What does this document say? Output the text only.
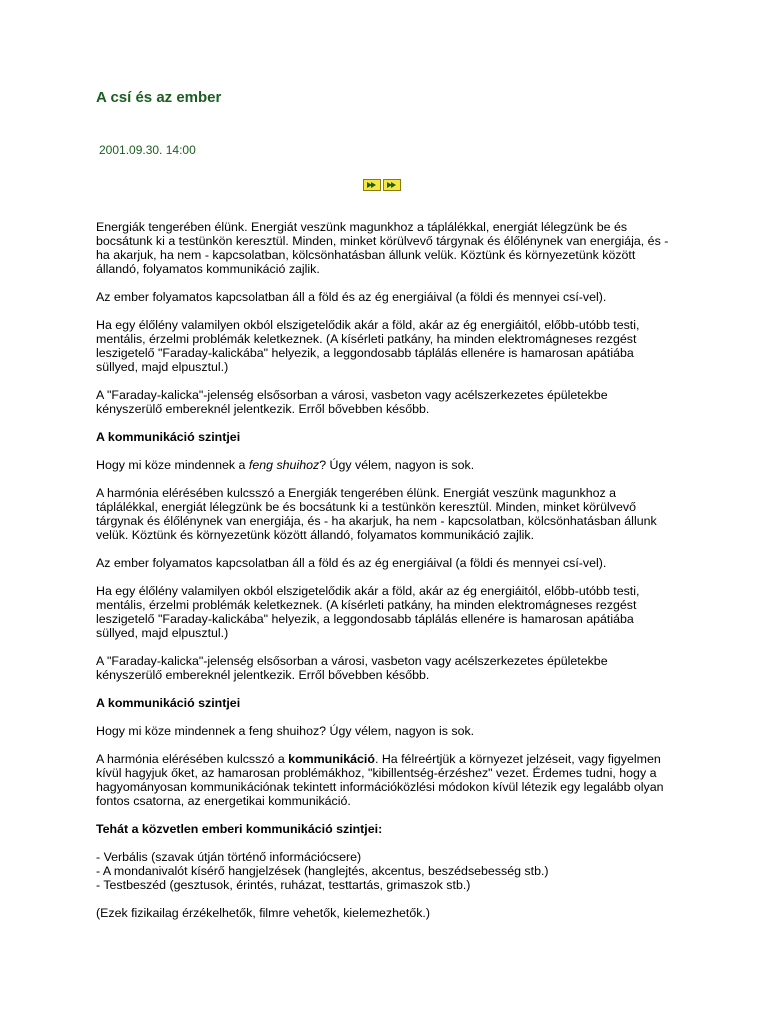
A csí és az ember
2001.09.30. 14:00

Energiák tengerében élünk. Energiát veszünk magunkhoz a táplálékkal, energiát lélegzünk be és bocsátunk ki a testünkön keresztül. Minden, minket körülvevő tárgynak és élőlénynek van energiája, és - ha akarjuk, ha nem - kapcsolatban, kölcsönhatásban állunk velük. Köztünk és környezetünk között állandó, folyamatos kommunikáció zajlik.

Az ember folyamatos kapcsolatban áll a föld és az ég energiáival (a földi és mennyei csí-vel).

Ha egy élőlény valamilyen okból elszigetelődik akár a föld, akár az ég energiáitól, előbb-utóbb testi, mentális, érzelmi problémák keletkeznek. (A kísérleti patkány, ha minden elektromágneses rezgést leszigetelő "Faraday-kalickába" helyezik, a leggondosabb táplálás ellenére is hamarosan apátiába süllyed, majd elpusztul.)

A "Faraday-kalicka"-jelenség elsősorban a városi, vasbeton vagy acélszerkezetes épületekbe kényszerülő embereknél jelentkezik. Erről bővebben később.

A kommunikáció szintjei

Hogy mi köze mindennek a feng shuihoz? Úgy vélem, nagyon is sok.

A harmónia elérésében kulcsszó a Energiák tengerében élünk. Energiát veszünk magunkhoz a táplálékkal, energiát lélegzünk be és bocsátunk ki a testünkön keresztül. Minden, minket körülvevő tárgynak és élőlénynek van energiája, és - ha akarjuk, ha nem - kapcsolatban, kölcsönhatásban állunk velük. Köztünk és környezetünk között állandó, folyamatos kommunikáció zajlik.

Az ember folyamatos kapcsolatban áll a föld és az ég energiáival (a földi és mennyei csí-vel).

Ha egy élőlény valamilyen okból elszigetelődik akár a föld, akár az ég energiáitól, előbb-utóbb testi, mentális, érzelmi problémák keletkeznek. (A kísérleti patkány, ha minden elektromágneses rezgést leszigetelő "Faraday-kalickába" helyezik, a leggondosabb táplálás ellenére is hamarosan apátiába süllyed, majd elpusztul.)

A "Faraday-kalicka"-jelenség elsősorban a városi, vasbeton vagy acélszerkezetes épületekbe kényszerülő embereknél jelentkezik. Erről bővebben később.

A kommunikáció szintjei

Hogy mi köze mindennek a feng shuihoz? Úgy vélem, nagyon is sok.

A harmónia elérésében kulcsszó a kommunikáció. Ha félreértjük a környezet jelzéseit, vagy figyelmen kívül hagyjuk őket, az hamarosan problémákhoz, "kibillentség-érzéshez" vezet. Érdemes tudni, hogy a hagyományosan kommunikációnak tekintett információközlési módokon kívül létezik egy legalább olyan fontos csatorna, az energetikai kommunikáció.

Tehát a közvetlen emberi kommunikáció szintjei:

- Verbális (szavak útján történő információcsere)
- A mondanivalót kísérő hangjelzések (hanglejtés, akcentus, beszédsebesség stb.)
- Testbeszéd (gesztusok, érintés, ruházat, testtartás, grimaszok stb.)

(Ezek fizikailag érzékelhetők, filmre vehetők, kielemezhetők.)
